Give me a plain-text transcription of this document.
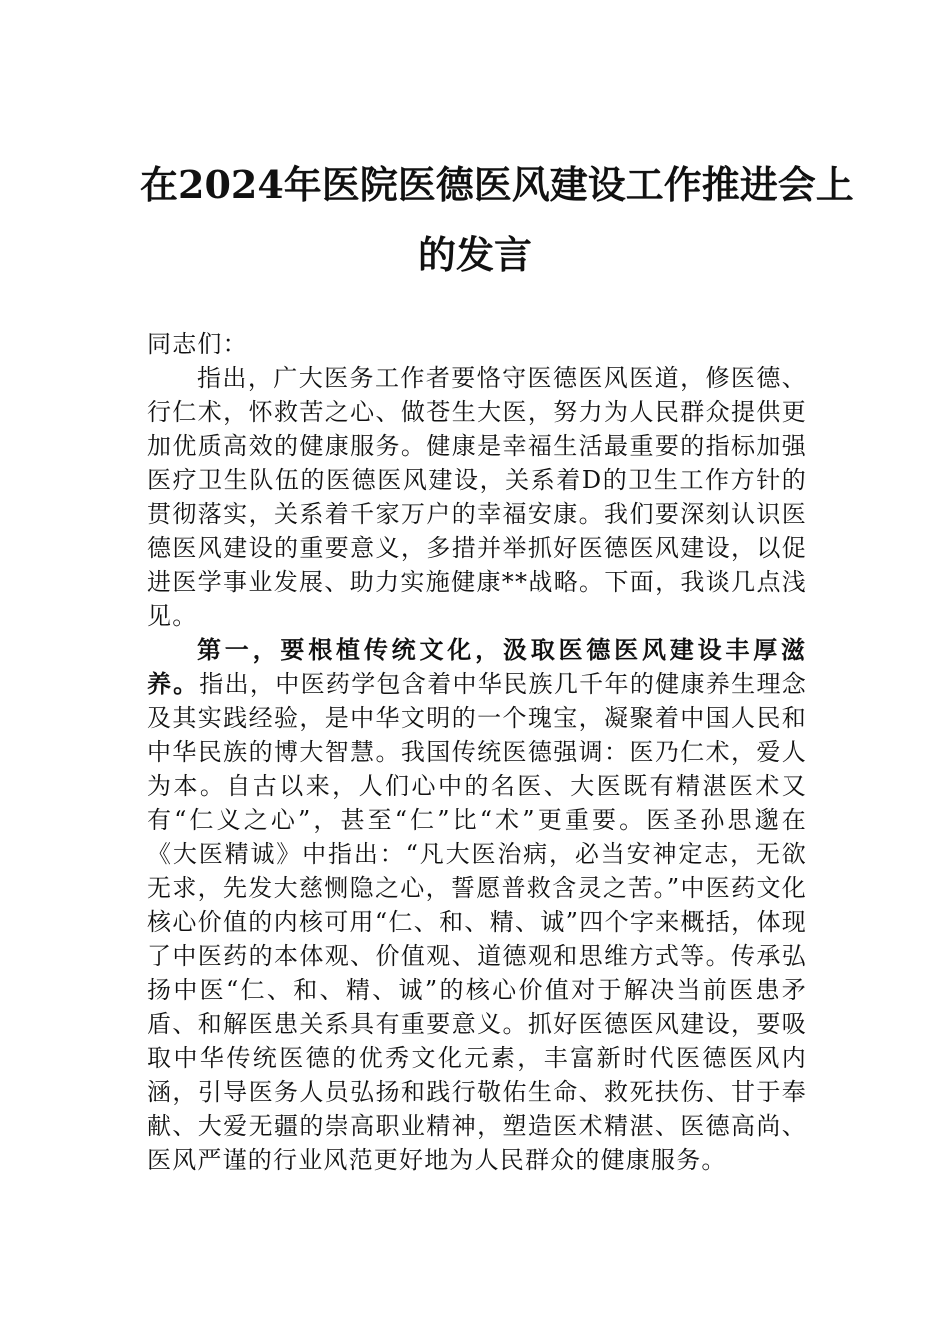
在2024年医院医德医风建设工作推进会上
的发言

同志们：

指出，广大医务工作者要恪守医德医风医道，修医德、行仁术，怀救苦之心、做苍生大医，努力为人民群众提供更加优质高效的健康服务。健康是幸福生活最重要的指标加强医疗卫生队伍的医德医风建设，关系着D的卫生工作方针的贯彻落实，关系着千家万户的幸福安康。我们要深刻认识医德医风建设的重要意义，多措并举抓好医德医风建设，以促进医学事业发展、助力实施健康**战略。下面，我谈几点浅见。

第一，要根植传统文化，汲取医德医风建设丰厚滋养。指出，中医药学包含着中华民族几千年的健康养生理念及其实践经验，是中华文明的一个瑰宝，凝聚着中国人民和中华民族的博大智慧。我国传统医德强调：医乃仁术，爱人为本。自古以来，人们心中的名医、大医既有精湛医术又有“仁义之心”，甚至“仁”比“术”更重要。医圣孙思邈在《大医精诚》中指出：“凡大医治病，必当安神定志，无欲无求，先发大慈恻隐之心，誓愿普救含灵之苦。”中医药文化核心价值的内核可用“仁、和、精、诚”四个字来概括，体现了中医药的本体观、价值观、道德观和思维方式等。传承弘扬中医“仁、和、精、诚”的核心价值对于解决当前医患矛盾、和解医患关系具有重要意义。抓好医德医风建设，要吸取中华传统医德的优秀文化元素，丰富新时代医德医风内涵，引导医务人员弘扬和践行敬佑生命、救死扶伤、甘于奉献、大爱无疆的崇高职业精神，塑造医术精湛、医德高尚、医风严谨的行业风范更好地为人民群众的健康服务。
